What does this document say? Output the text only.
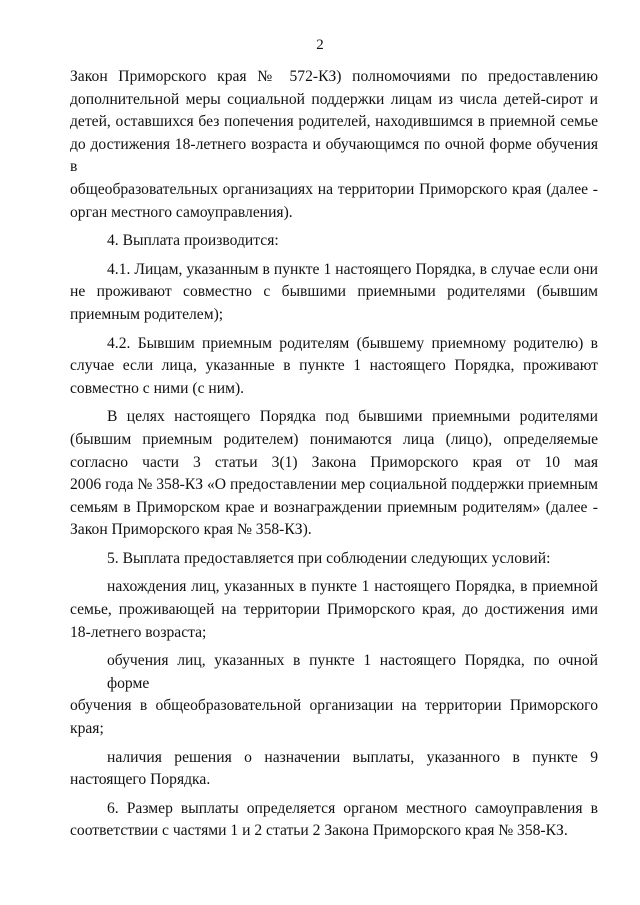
2
Закон Приморского края № 572-КЗ) полномочиями по предоставлению
дополнительной меры социальной поддержки лицам из числа детей-сирот и
детей, оставшихся без попечения родителей, находившимся в приемной семье
до достижения 18-летнего возраста и обучающимся по очной форме обучения в
общеобразовательных организациях на территории Приморского края (далее -
орган местного самоуправления).
4. Выплата производится:
4.1. Лицам, указанным в пункте 1 настоящего Порядка, в случае если они
не проживают совместно с бывшими приемными родителями (бывшим
приемным родителем);
4.2. Бывшим приемным родителям (бывшему приемному родителю) в
случае если лица, указанные в пункте 1 настоящего Порядка, проживают
совместно с ними (с ним).
В целях настоящего Порядка под бывшими приемными родителями
(бывшим приемным родителем) понимаются лица (лицо), определяемые
согласно части 3 статьи 3(1) Закона Приморского края от 10 мая
2006 года № 358-КЗ «О предоставлении мер социальной поддержки приемным
семьям в Приморском крае и вознаграждении приемным родителям» (далее -
Закон Приморского края № 358-КЗ).
5. Выплата предоставляется при соблюдении следующих условий:
нахождения лиц, указанных в пункте 1 настоящего Порядка, в приемной
семье, проживающей на территории Приморского края, до достижения ими
18-летнего возраста;
обучения лиц, указанных в пункте 1 настоящего Порядка, по очной форме
обучения в общеобразовательной организации на территории Приморского
края;
наличия решения о назначении выплаты, указанного в пункте 9
настоящего Порядка.
6. Размер выплаты определяется органом местного самоуправления в
соответствии с частями 1 и 2 статьи 2 Закона Приморского края № 358-КЗ.
